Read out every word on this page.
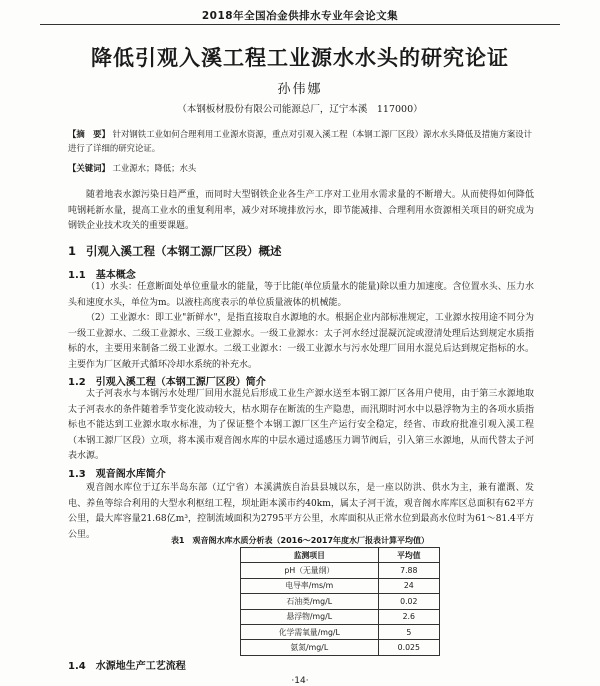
2018年全国冶金供排水专业年会论文集
降低引观入溪工程工业源水水头的研究论证
孙伟娜
（本钢板材股份有限公司能源总厂，辽宁本溪　117000）
【摘　要】 针对钢铁工业如何合理利用工业源水资源，重点对引观入溪工程（本钢工源厂区段）源水水头降低及措施方案设计进行了详细的研究论证。
【关键词】 工业源水；降低；水头

随着地表水源污染日趋严重，而同时大型钢铁企业各生产工序对工业用水需求量的不断增大。从而使得如何降低吨钢耗新水量，提高工业水的重复利用率，减少对环境排放污水，即节能减排、合理利用水资源相关项目的研究成为钢铁企业技术攻关的重要课题。

1 引观入溪工程（本钢工源厂区段）概述
1.1 基本概念

（1）水头：任意断面处单位重量水的能量，等于比能(单位质量水的能量)除以重力加速度。含位置水头、压力水头和速度水头，单位为m。以液柱高度表示的单位质量液体的机械能。

（2）工业源水：即工业"新鲜水"，是指直接取自水源地的水。根据企业内部标准规定，工业源水按用途不同分为一级工业源水、二级工业源水、三级工业源水。一级工业源水：太子河水经过混凝沉淀或澄清处理后达到规定水质指标的水，主要用来制备二级工业源水。二级工业源水：一级工业源水与污水处理厂回用水混兑后达到规定指标的水。主要作为厂区敞开式循环冷却水系统的补充水。

1.2 引观入溪工程（本钢工源厂区段）简介

太子河表水与本钢污水处理厂回用水混兑后形成工业生产源水送至本钢工源厂区各用户使用，由于第三水源地取太子河表水的条件随着季节变化波动较大，枯水期存在断流的生产隐患，而汛期时河水中以悬浮物为主的各项水质指标也不能达到工业源水取水标准，为了保证整个本钢工源厂区生产运行安全稳定，经省、市政府批准引观入溪工程（本钢工源厂区段）立项，将本溪市观音阁水库的中层水通过遥感压力调节阀后，引入第三水源地，从而代替太子河表水源。

1.3 观音阁水库简介

观音阁水库位于辽东半岛东部（辽宁省）本溪满族自治县县城以东，是一座以防洪、供水为主，兼有灌溉、发电、养鱼等综合利用的大型水利枢纽工程，坝址距本溪市约40km，属太子河干流，观音阁水库库区总面积有62平方公里，最大库容量21.68亿m³，控制流域面积为2795平方公里，水库面积从正常水位到最高水位时为61～81.4平方公里。

表1　观音阁水库水质分析表（2016～2017年度水厂报表计算平均值）
监测项目	平均值
pH（无量纲）	7.88
电导率/ms/m	24
石油类/mg/L	0.02
悬浮物/mg/L	2.6
化学需氧量/mg/L	5
氨氮/mg/L	0.025
1.4 水源地生产工艺流程
·14·
